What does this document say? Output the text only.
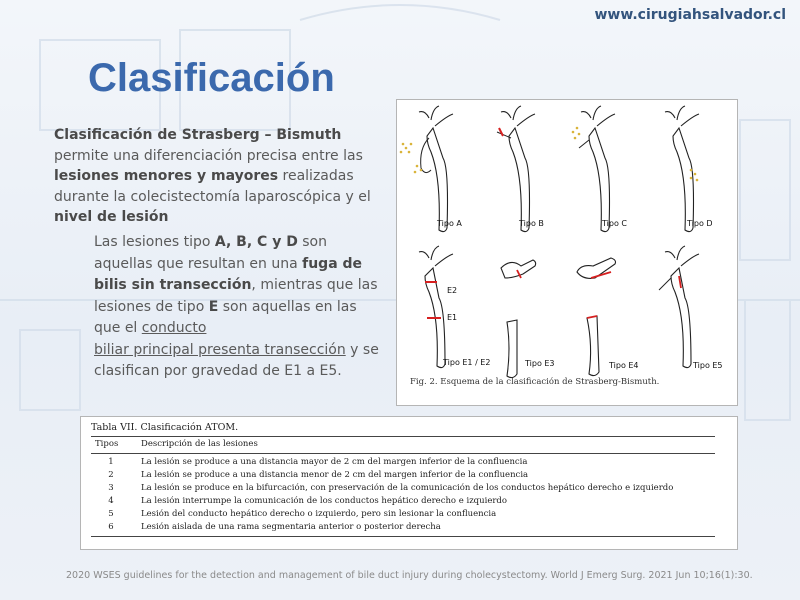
www.cirugiahsalvador.cl
Clasificación
Clasificación de Strasberg – Bismuth permite una diferenciación precisa entre las lesiones menores y mayores realizadas durante la colecistectomía laparoscópica y el nivel de lesión
Las lesiones tipo A, B, C y D son aquellas que resultan en una fuga de bilis sin transección, mientras que las lesiones de tipo E son aquellas en las que el conducto
biliar principal presenta transección y se clasifican por gravedad de E1 a E5.
E2
E1
Tipo A	Tipo B	Tipo C	Tipo D
Tipo E1 / E2	Tipo E3	Tipo E4	Tipo E5
Fig. 2. Esquema de la clasificación de Strasberg-Bismuth.
Tabla VII. Clasificación ATOM.
Tipos	Descripción de las lesiones
1	La lesión se produce a una distancia mayor de 2 cm del margen inferior de la confluencia
2	La lesión se produce a una distancia menor de 2 cm del margen inferior de la confluencia
3	La lesión se produce en la bifurcación, con preservación de la comunicación de los conductos hepático derecho e izquierdo
4	La lesión interrumpe la comunicación de los conductos hepático derecho e izquierdo
5	Lesión del conducto hepático derecho o izquierdo, pero sin lesionar la confluencia
6	Lesión aislada de una rama segmentaria anterior o posterior derecha
2020 WSES guidelines for the detection and management of bile duct injury during cholecystectomy. World J Emerg Surg. 2021 Jun 10;16(1):30.
